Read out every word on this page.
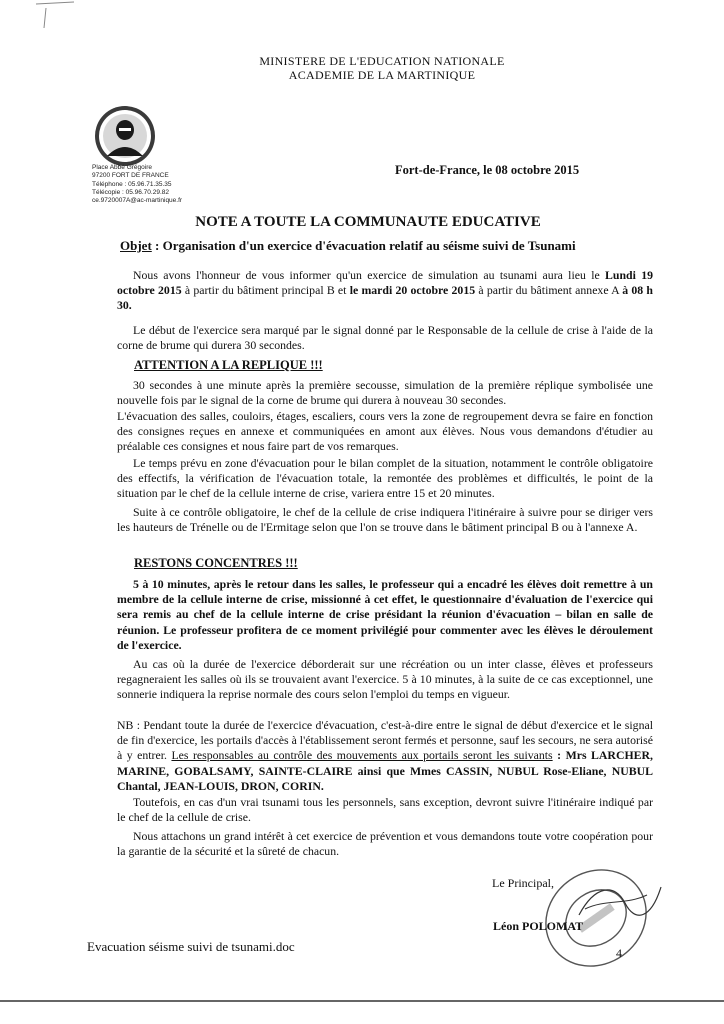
MINISTERE DE L'EDUCATION NATIONALE
ACADEMIE DE LA MARTINIQUE
Place Abbé Grégoire
97200 FORT DE FRANCE
Téléphone : 05.96.71.35.35
Télécopie : 05.96.70.29.82
ce.9720007A@ac-martinique.fr
Fort-de-France, le 08 octobre 2015
NOTE A TOUTE LA COMMUNAUTE EDUCATIVE
Objet : Organisation d'un exercice d'évacuation relatif au séisme suivi de Tsunami

Nous avons l'honneur de vous informer qu'un exercice de simulation au tsunami aura lieu le Lundi 19 octobre 2015 à partir du bâtiment principal B et le mardi 20 octobre 2015 à partir du bâtiment annexe A à 08 h 30.

Le début de l'exercice sera marqué par le signal donné par le Responsable de la cellule de crise à l'aide de la corne de brume qui durera 30 secondes.

ATTENTION A LA REPLIQUE !!!

30 secondes à une minute après la première secousse, simulation de la première réplique symbolisée une nouvelle fois par le signal de la corne de brume qui durera à nouveau 30 secondes.

L'évacuation des salles, couloirs, étages, escaliers, cours vers la zone de regroupement devra se faire en fonction des consignes reçues en annexe et communiquées en amont aux élèves. Nous vous demandons d'étudier au préalable ces consignes et nous faire part de vos remarques.

Le temps prévu en zone d'évacuation pour le bilan complet de la situation, notamment le contrôle obligatoire des effectifs, la vérification de l'évacuation totale, la remontée des problèmes et difficultés, le point de la situation par le chef de la cellule interne de crise, variera entre 15 et 20 minutes.

Suite à ce contrôle obligatoire, le chef de la cellule de crise indiquera l'itinéraire à suivre pour se diriger vers les hauteurs de Trénelle ou de l'Ermitage selon que l'on se trouve dans le bâtiment principal B ou à l'annexe A.

RESTONS CONCENTRES !!!

5 à 10 minutes, après le retour dans les salles, le professeur qui a encadré les élèves doit remettre à un membre de la cellule interne de crise, missionné à cet effet, le questionnaire d'évaluation de l'exercice qui sera remis au chef de la cellule interne de crise présidant la réunion d'évacuation – bilan en salle de réunion. Le professeur profitera de ce moment privilégié pour commenter avec les élèves le déroulement de l'exercice.

Au cas où la durée de l'exercice déborderait sur une récréation ou un inter classe, élèves et professeurs regagneraient les salles où ils se trouvaient avant l'exercice. 5 à 10 minutes, à la suite de ce cas exceptionnel, une sonnerie indiquera la reprise normale des cours selon l'emploi du temps en vigueur.

NB : Pendant toute la durée de l'exercice d'évacuation, c'est-à-dire entre le signal de début d'exercice et le signal de fin d'exercice, les portails d'accès à l'établissement seront fermés et personne, sauf les secours, ne sera autorisé à y entrer. Les responsables au contrôle des mouvements aux portails seront les suivants : Mrs LARCHER, MARINE, GOBALSAMY, SAINTE-CLAIRE ainsi que Mmes CASSIN, NUBUL Rose-Eliane, NUBUL Chantal, JEAN-LOUIS, DRON, CORIN.

Toutefois, en cas d'un vrai tsunami tous les personnels, sans exception, devront suivre l'itinéraire indiqué par le chef de la cellule de crise.

Nous attachons un grand intérêt à cet exercice de prévention et vous demandons toute votre coopération pour la garantie de la sécurité et la sûreté de chacun.

Le Principal,
Léon POLOMAT
Evacuation séisme suivi de tsunami.doc	4
